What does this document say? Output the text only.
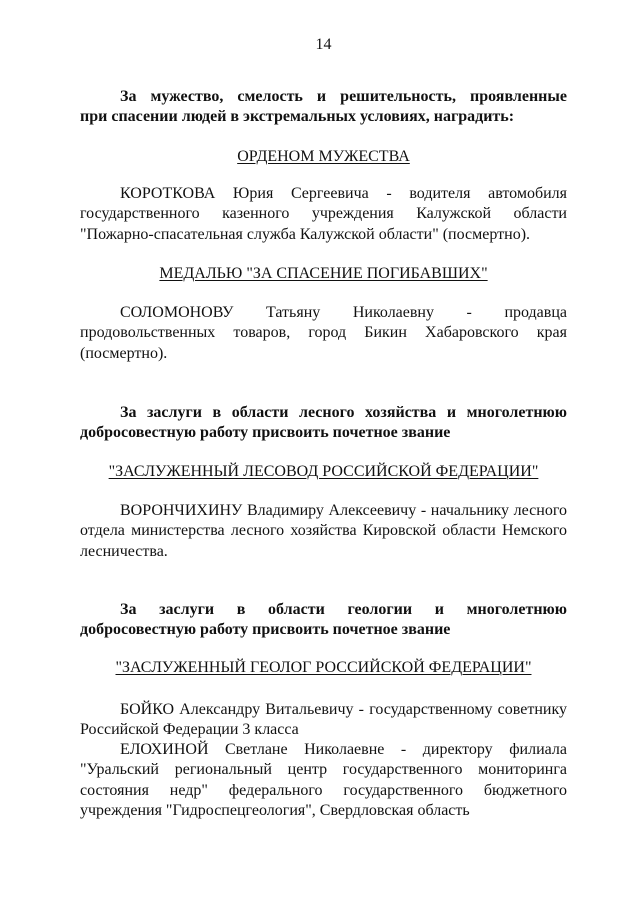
14
За мужество, смелость и решительность, проявленные
при спасении людей в экстремальных условиях, наградить:
ОРДЕНОМ МУЖЕСТВА
КОРОТКОВА Юрия Сергеевича - водителя автомобиля
государственного казенного учреждения Калужской области
"Пожарно-спасательная служба Калужской области" (посмертно).
МЕДАЛЬЮ "ЗА СПАСЕНИЕ ПОГИБАВШИХ"
СОЛОМОНОВУ Татьяну Николаевну - продавца
продовольственных товаров, город Бикин Хабаровского края
(посмертно).
За заслуги в области лесного хозяйства и многолетнюю
добросовестную работу присвоить почетное звание
"ЗАСЛУЖЕННЫЙ ЛЕСОВОД РОССИЙСКОЙ ФЕДЕРАЦИИ"
ВОРОНЧИХИНУ Владимиру Алексеевичу - начальнику лесного
отдела министерства лесного хозяйства Кировской области Немского
лесничества.
За заслуги в области геологии и многолетнюю
добросовестную работу присвоить почетное звание
"ЗАСЛУЖЕННЫЙ ГЕОЛОГ РОССИЙСКОЙ ФЕДЕРАЦИИ"
БОЙКО Александру Витальевичу - государственному советнику
Российской Федерации 3 класса
ЕЛОХИНОЙ Светлане Николаевне - директору филиала
"Уральский региональный центр государственного мониторинга
состояния недр" федерального государственного бюджетного
учреждения "Гидроспецгеология", Свердловская область
